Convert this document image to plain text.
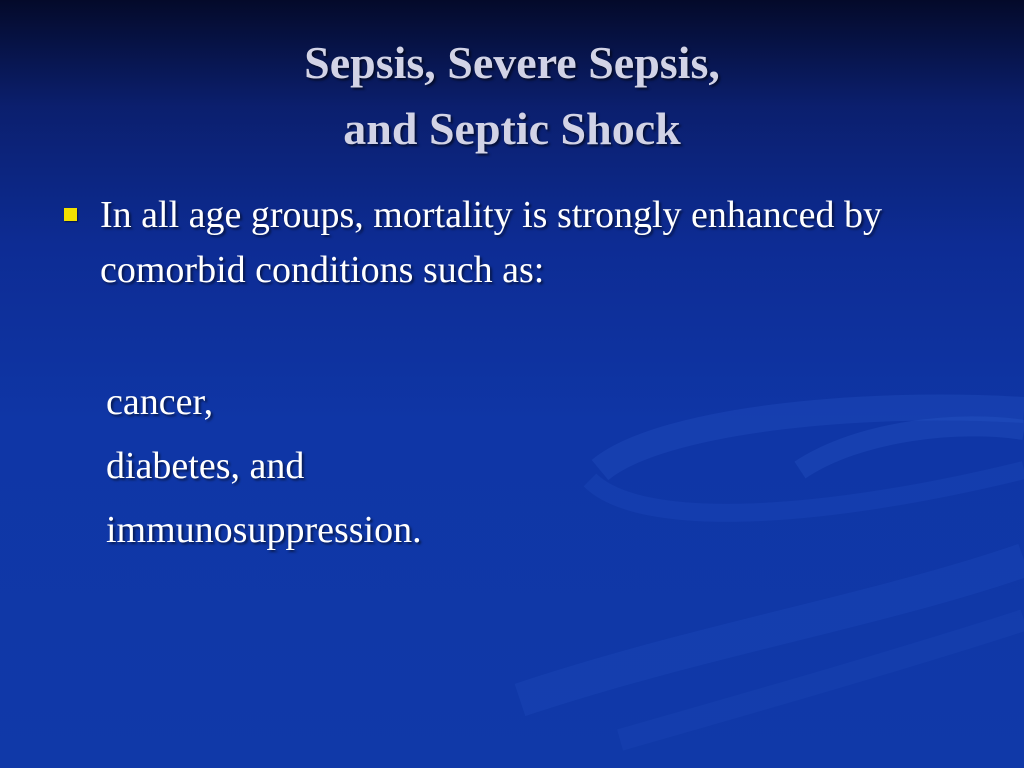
Sepsis, Severe Sepsis,
and Septic Shock
In all age groups, mortality is strongly enhanced by comorbid conditions such as:
cancer,
diabetes, and
immunosuppression.
